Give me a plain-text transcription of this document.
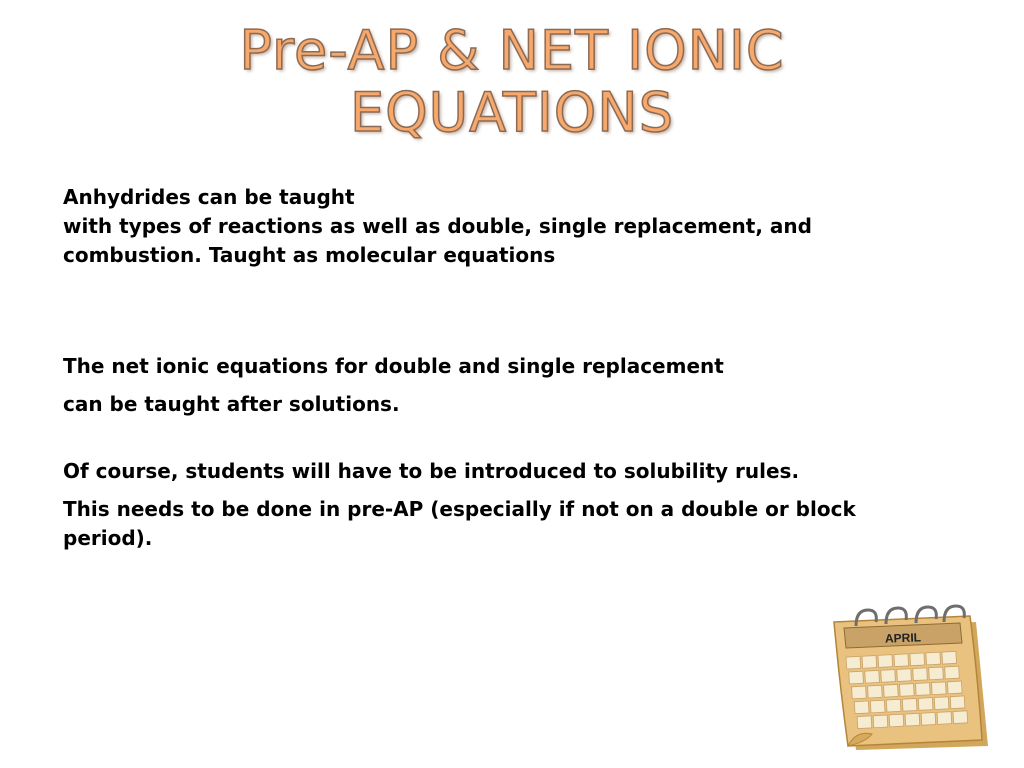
Pre-AP & NET IONIC
EQUATIONS

Anhydrides can be taught
with types of reactions as well as double, single replacement, and combustion. Taught as molecular equations

The net ionic equations for double and single replacement

can be taught after solutions.

Of course, students will have to be introduced to solubility rules.

This needs to be done in pre-AP (especially if not on a double or block period).

APRIL
